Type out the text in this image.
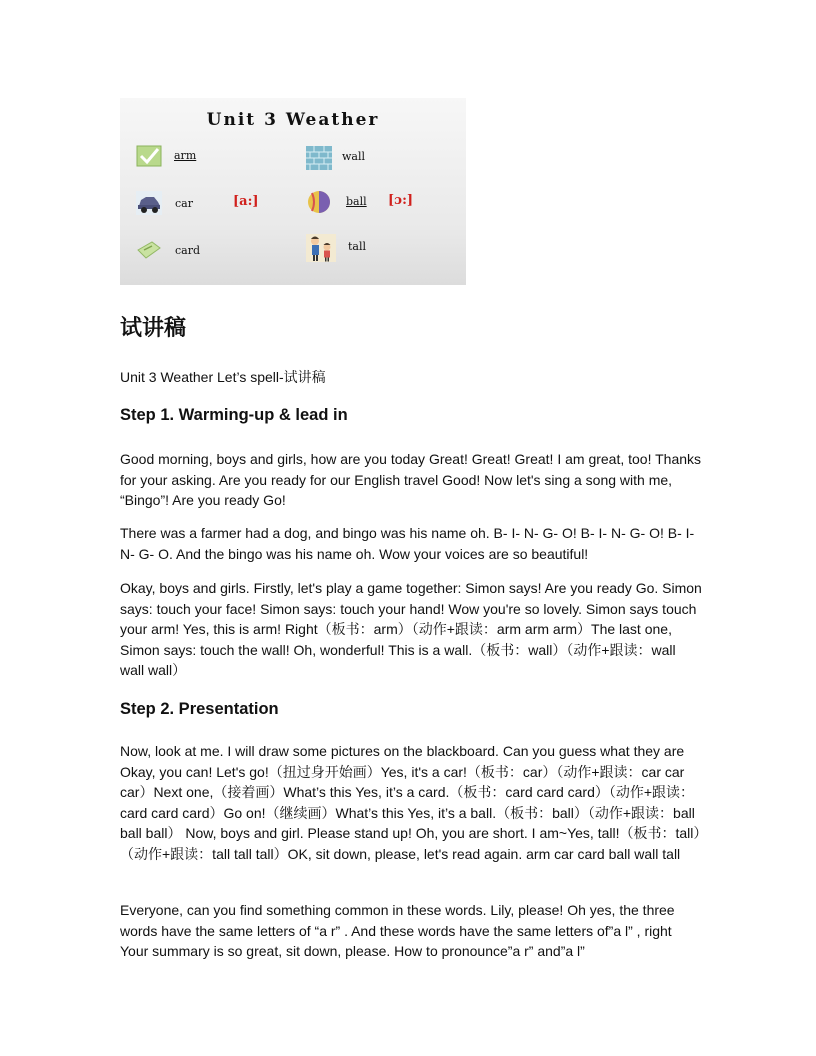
Unit 3 Weather
arm
car	[a:]
card
wall
ball [ɔ:]
tall
试讲稿
Unit 3 Weather Let’s spell-试讲稿
Step 1. Warming-up & lead in
Good morning, boys and girls, how are you today Great! Great! Great! I am great, too! Thanks for your asking. Are you ready for our English travel Good! Now let's sing a song with me, “Bingo”! Are you ready Go!
There was a farmer had a dog, and bingo was his name oh. B- I- N- G- O! B- I- N- G- O! B- I- N- G- O. And the bingo was his name oh. Wow your voices are so beautiful!
Okay, boys and girls. Firstly, let's play a game together: Simon says! Are you ready Go. Simon says: touch your face! Simon says: touch your hand! Wow you're so lovely. Simon says touch your arm! Yes, this is arm! Right（板书：arm）（动作+跟读：arm arm arm）The last one, Simon says: touch the wall! Oh, wonderful! This is a wall.（板书：wall）（动作+跟读：wall wall wall）
Step 2. Presentation
Now, look at me. I will draw some pictures on the blackboard. Can you guess what they are Okay, you can! Let's go!（扭过身开始画）Yes, it's a car!（板书：car）（动作+跟读：car car car）Next one,（接着画）What’s this Yes, it’s a card.（板书：card card card）（动作+跟读：card card card）Go on!（继续画）What’s this Yes, it’s a ball.（板书：ball）（动作+跟读：ball ball ball） Now, boys and girl. Please stand up! Oh, you are short. I am~Yes, tall!（板书：tall）（动作+跟读：tall tall tall）OK, sit down, please, let's read again. arm car card ball wall tall
Everyone, can you find something common in these words. Lily, please! Oh yes, the three words have the same letters of “a r” . And these words have the same letters of”a l” , right Your summary is so great, sit down, please. How to pronounce”a r” and”a l”
